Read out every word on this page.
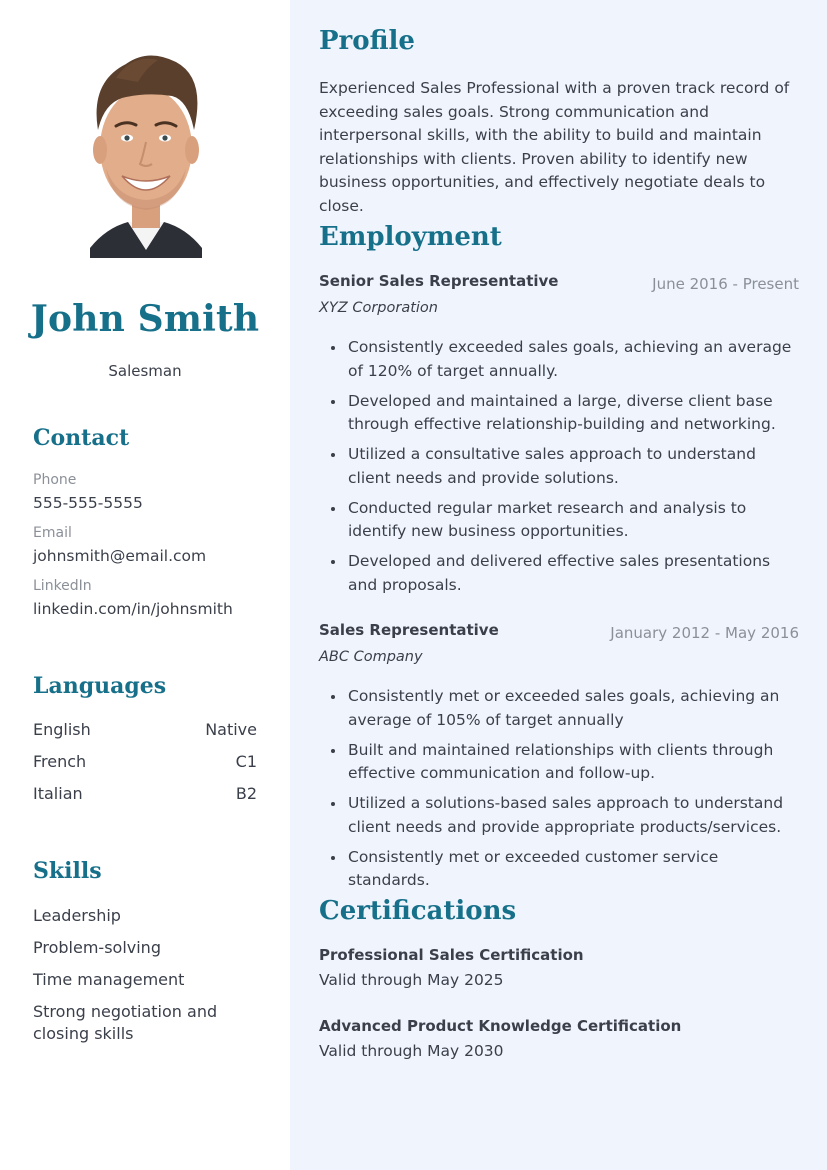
John Smith
Salesman
Contact
Phone
555-555-5555
Email
johnsmith@email.com
LinkedIn
linkedin.com/in/johnsmith
Languages
English	Native
French	C1
Italian	B2
Skills
Leadership
Problem-solving
Time management
Strong negotiation and closing skills
Profile
Experienced Sales Professional with a proven track record of exceeding sales goals. Strong communication and interpersonal skills, with the ability to build and maintain relationships with clients. Proven ability to identify new business opportunities, and effectively negotiate deals to close.
Employment
Senior Sales Representative	June 2016 - Present
XYZ Corporation
Consistently exceeded sales goals, achieving an average of 120% of target annually.
Developed and maintained a large, diverse client base through effective relationship-building and networking.
Utilized a consultative sales approach to understand client needs and provide solutions.
Conducted regular market research and analysis to identify new business opportunities.
Developed and delivered effective sales presentations and proposals.
Sales Representative	January 2012 - May 2016
ABC Company
Consistently met or exceeded sales goals, achieving an average of 105% of target annually
Built and maintained relationships with clients through effective communication and follow-up.
Utilized a solutions-based sales approach to understand client needs and provide appropriate products/services.
Consistently met or exceeded customer service standards.
Certifications
Professional Sales Certification
Valid through May 2025
Advanced Product Knowledge Certification
Valid through May 2030
